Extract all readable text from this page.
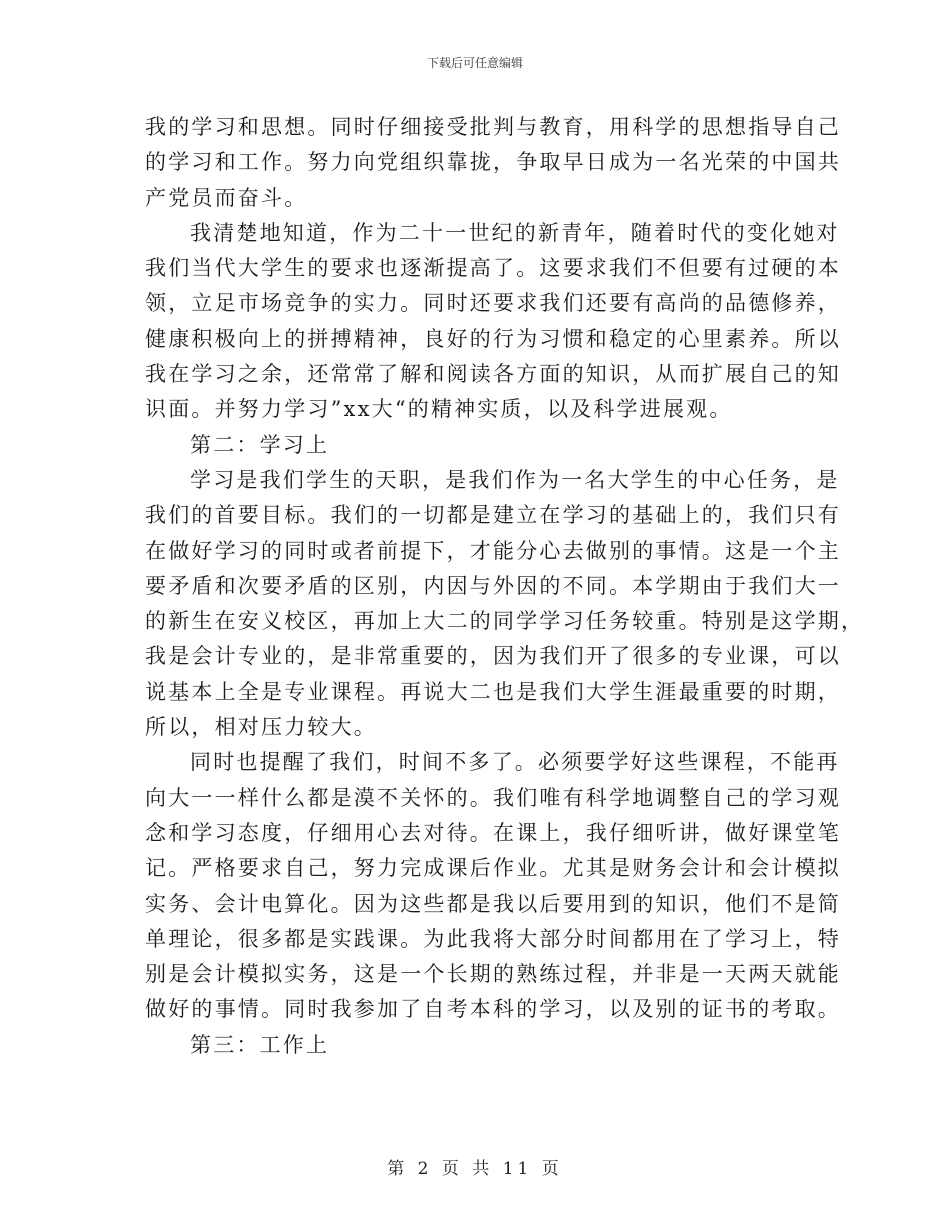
下载后可任意编辑
我的学习和思想。同时仔细接受批判与教育，用科学的思想指导自己
的学习和工作。努力向党组织靠拢，争取早日成为一名光荣的中国共
产党员而奋斗。
我清楚地知道，作为二十一世纪的新青年，随着时代的变化她对
我们当代大学生的要求也逐渐提高了。这要求我们不但要有过硬的本
领，立足市场竞争的实力。同时还要求我们还要有高尚的品德修养，
健康积极向上的拼搏精神，良好的行为习惯和稳定的心里素养。所以
我在学习之余，还常常了解和阅读各方面的知识，从而扩展自己的知
识面。并努力学习”xx大“的精神实质，以及科学进展观。
第二：学习上
学习是我们学生的天职，是我们作为一名大学生的中心任务，是
我们的首要目标。我们的一切都是建立在学习的基础上的，我们只有
在做好学习的同时或者前提下，才能分心去做别的事情。这是一个主
要矛盾和次要矛盾的区别，内因与外因的不同。本学期由于我们大一
的新生在安义校区，再加上大二的同学学习任务较重。特别是这学期，
我是会计专业的，是非常重要的，因为我们开了很多的专业课，可以
说基本上全是专业课程。再说大二也是我们大学生涯最重要的时期，
所以，相对压力较大。
同时也提醒了我们，时间不多了。必须要学好这些课程，不能再
向大一一样什么都是漠不关怀的。我们唯有科学地调整自己的学习观
念和学习态度，仔细用心去对待。在课上，我仔细听讲，做好课堂笔
记。严格要求自己，努力完成课后作业。尤其是财务会计和会计模拟
实务、会计电算化。因为这些都是我以后要用到的知识，他们不是简
单理论，很多都是实践课。为此我将大部分时间都用在了学习上，特
别是会计模拟实务，这是一个长期的熟练过程，并非是一天两天就能
做好的事情。同时我参加了自考本科的学习，以及别的证书的考取。
第三：工作上
第 2 页 共 11 页
